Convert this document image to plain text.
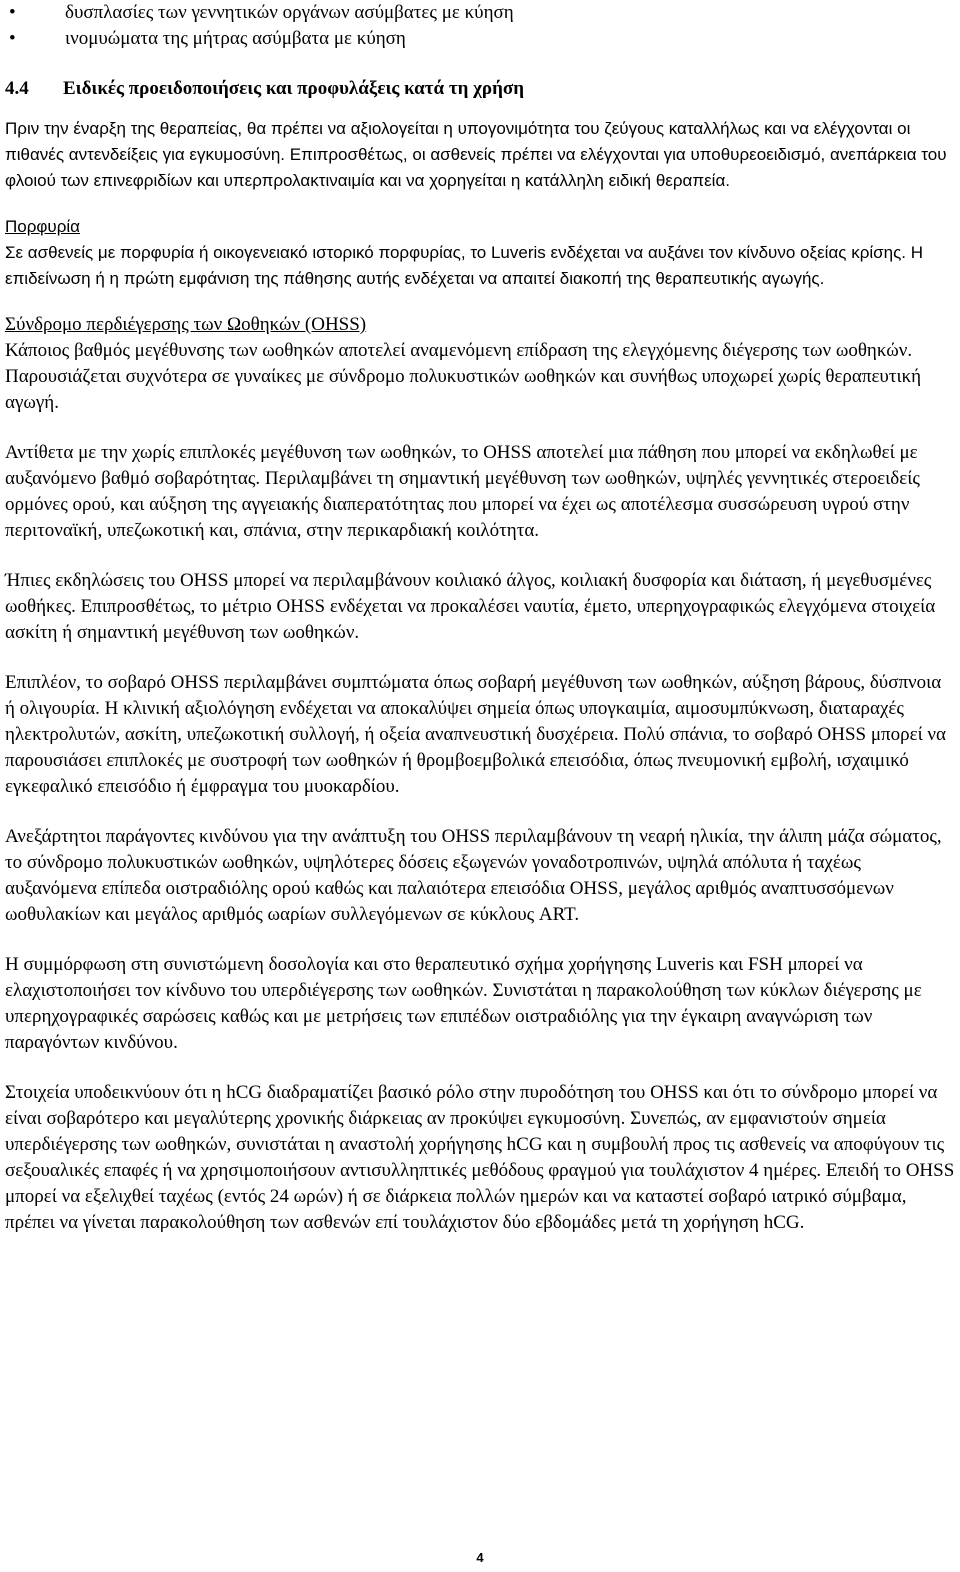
•	δυσπλασίες των γεννητικών οργάνων ασύμβατες με κύηση
•	ινομυώματα της μήτρας ασύμβατα με κύηση
4.4 Ειδικές προειδοποιήσεις και προφυλάξεις κατά τη χρήση

Πριν την έναρξη της θεραπείας, θα πρέπει να αξιολογείται η υπογονιμότητα του ζεύγους καταλλήλως και να ελέγχονται οι πιθανές αντενδείξεις για εγκυμοσύνη. Επιπροσθέτως, οι ασθενείς πρέπει να ελέγχονται για υποθυρεοειδισμό, ανεπάρκεια του φλοιού των επινεφριδίων και υπερπρολακτιναιμία και να χορηγείται η κατάλληλη ειδική θεραπεία.

Πορφυρία

Σε ασθενείς με πορφυρία ή οικογενειακό ιστορικό πορφυρίας, το Luveris ενδέχεται να αυξάνει τον κίνδυνο οξείας κρίσης. Η επιδείνωση ή η πρώτη εμφάνιση της πάθησης αυτής ενδέχεται να απαιτεί διακοπή της θεραπευτικής αγωγής.

Σύνδρομο περδιέγερσης των Ωοθηκών (OHSS)

Κάποιος βαθμός μεγέθυνσης των ωοθηκών αποτελεί αναμενόμενη επίδραση της ελεγχόμενης διέγερσης των ωοθηκών. Παρουσιάζεται συχνότερα σε γυναίκες με σύνδρομο πολυκυστικών ωοθηκών και συνήθως υποχωρεί χωρίς θεραπευτική αγωγή.

Αντίθετα με την χωρίς επιπλοκές μεγέθυνση των ωοθηκών, το OHSS αποτελεί μια πάθηση που μπορεί να εκδηλωθεί με αυξανόμενο βαθμό σοβαρότητας. Περιλαμβάνει τη σημαντική μεγέθυνση των ωοθηκών, υψηλές γεννητικές στεροειδείς ορμόνες ορού, και αύξηση της αγγειακής διαπερατότητας που μπορεί να έχει ως αποτέλεσμα συσσώρευση υγρού στην περιτοναϊκή, υπεζωκοτική και, σπάνια, στην περικαρδιακή κοιλότητα.

Ήπιες εκδηλώσεις του OHSS μπορεί να περιλαμβάνουν κοιλιακό άλγος, κοιλιακή δυσφορία και διάταση, ή μεγεθυσμένες ωοθήκες. Επιπροσθέτως, το μέτριο OHSS ενδέχεται να προκαλέσει ναυτία, έμετο, υπερηχογραφικώς ελεγχόμενα στοιχεία ασκίτη ή σημαντική μεγέθυνση των ωοθηκών.

Επιπλέον, το σοβαρό OHSS περιλαμβάνει συμπτώματα όπως σοβαρή μεγέθυνση των ωοθηκών, αύξηση βάρους, δύσπνοια ή ολιγουρία. Η κλινική αξιολόγηση ενδέχεται να αποκαλύψει σημεία όπως υπογκαιμία, αιμοσυμπύκνωση, διαταραχές ηλεκτρολυτών, ασκίτη, υπεζωκοτική συλλογή, ή οξεία αναπνευστική δυσχέρεια. Πολύ σπάνια, το σοβαρό OHSS μπορεί να παρουσιάσει επιπλοκές με συστροφή των ωοθηκών ή θρομβοεμβολικά επεισόδια, όπως πνευμονική εμβολή, ισχαιμικό εγκεφαλικό επεισόδιο ή έμφραγμα του μυοκαρδίου.

Ανεξάρτητοι παράγοντες κινδύνου για την ανάπτυξη του OHSS περιλαμβάνουν τη νεαρή ηλικία, την άλιπη μάζα σώματος, το σύνδρομο πολυκυστικών ωοθηκών, υψηλότερες δόσεις εξωγενών γοναδοτροπινών, υψηλά απόλυτα ή ταχέως αυξανόμενα επίπεδα οιστραδιόλης ορού καθώς και παλαιότερα επεισόδια OHSS, μεγάλος αριθμός αναπτυσσόμενων ωοθυλακίων και μεγάλος αριθμός ωαρίων συλλεγόμενων σε κύκλους ART.

Η συμμόρφωση στη συνιστώμενη δοσολογία και στο θεραπευτικό σχήμα χορήγησης Luveris και FSH μπορεί να ελαχιστοποιήσει τον κίνδυνο του υπερδιέγερσης των ωοθηκών. Συνιστάται η παρακολούθηση των κύκλων διέγερσης με υπερηχογραφικές σαρώσεις καθώς και με μετρήσεις των επιπέδων οιστραδιόλης για την έγκαιρη αναγνώριση των παραγόντων κινδύνου.

Στοιχεία υποδεικνύουν ότι η hCG διαδραματίζει βασικό ρόλο στην πυροδότηση του OHSS και ότι το σύνδρομο μπορεί να είναι σοβαρότερο και μεγαλύτερης χρονικής διάρκειας αν προκύψει εγκυμοσύνη. Συνεπώς, αν εμφανιστούν σημεία υπερδιέγερσης των ωοθηκών, συνιστάται η αναστολή χορήγησης hCG και η συμβουλή προς τις ασθενείς να αποφύγουν τις σεξουαλικές επαφές ή να χρησιμοποιήσουν αντισυλληπτικές μεθόδους φραγμού για τουλάχιστον 4 ημέρες. Επειδή το OHSS μπορεί να εξελιχθεί ταχέως (εντός 24 ωρών) ή σε διάρκεια πολλών ημερών και να καταστεί σοβαρό ιατρικό σύμβαμα, πρέπει να γίνεται παρακολούθηση των ασθενών επί τουλάχιστον δύο εβδομάδες μετά τη χορήγηση hCG.

4
